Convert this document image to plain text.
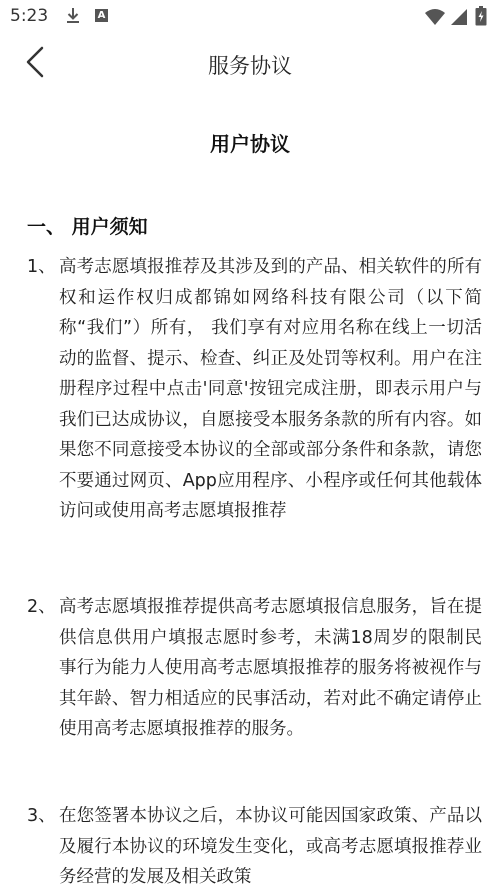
5:23	A
服务协议
用户协议
一、 用户须知
1、 高考志愿填报推荐及其涉及到的产品、相关软件的所有权和运作权归成都锦如网络科技有限公司（以下简称“我们”）所有， 我们享有对应用名称在线上一切活动的监督、提示、检查、纠正及处罚等权利。用户在注册程序过程中点击'同意'按钮完成注册，即表示用户与我们已达成协议，自愿接受本服务条款的所有内容。如果您不同意接受本协议的全部或部分条件和条款，请您不要通过网页、App应用程序、小程序或任何其他载体访问或使用高考志愿填报推荐
2、 高考志愿填报推荐提供高考志愿填报信息服务，旨在提供信息供用户填报志愿时参考，未满18周岁的限制民事行为能力人使用高考志愿填报推荐的服务将被视作与其年龄、智力相适应的民事活动，若对此不确定请停止使用高考志愿填报推荐的服务。
3、 在您签署本协议之后，本协议可能因国家政策、产品以及履行本协议的环境发生变化，或高考志愿填报推荐业务经营的发展及相关政策
